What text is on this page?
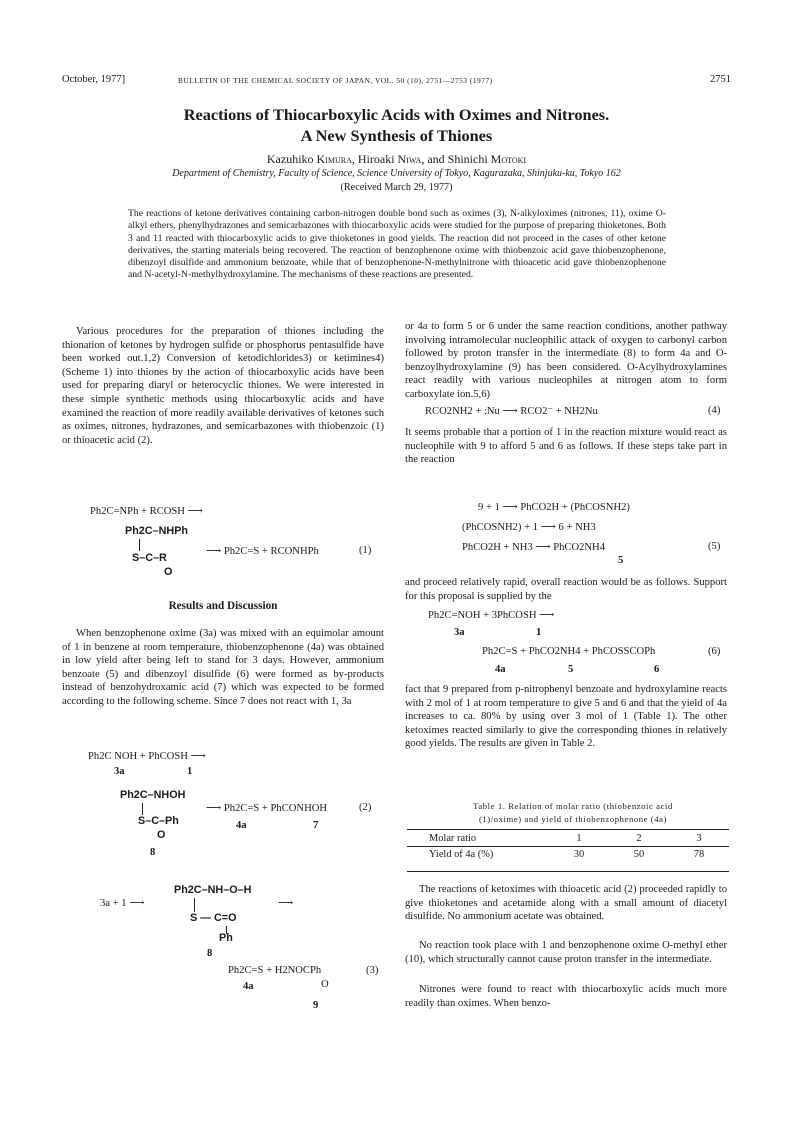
October, 1977]	BULLETIN OF THE CHEMICAL SOCIETY OF JAPAN, VOL. 50 (10), 2751—2753 (1977)	2751
Reactions of Thiocarboxylic Acids with Oximes and Nitrones.
A New Synthesis of Thiones
Kazuhiko Kimura, Hiroaki Niwa, and Shinichi Motoki
Department of Chemistry, Faculty of Science, Science University of Tokyo, Kagurazaka, Shinjuku-ku, Tokyo 162
(Received March 29, 1977)
The reactions of ketone derivatives containing carbon-nitrogen double bond such as oximes (3), N-alkyloximes (nitrones, 11), oxime O-alkyl ethers, phenylhydrazones and semicarbazones with thiocarboxylic acids were studied for the purpose of preparing thioketones. Both 3 and 11 reacted with thiocarboxylic acids to give thioketones in good yields. The reaction did not proceed in the cases of other ketone derivatives, the starting materials being recovered. The reaction of benzophenone oxime with thiobenzoic acid gave thiobenzophenone, dibenzoyl disulfide and ammonium benzoate, while that of benzophenone-N-methylnitrone with thioacetic acid gave thiobenzophenone and N-acetyl-N-methylhydroxylamine. The mechanisms of these reactions are presented.
Various procedures for the preparation of thiones including the thionation of ketones by hydrogen sulfide or phosphorus pentasulfide have been worked out.1,2) Conversion of ketodichlorides3) or ketimines4) (Scheme 1) into thiones by the action of thiocarboxylic acids have been used for preparing diaryl or heterocyclic thiones. We were interested in these simple synthetic methods using thiocarboxylic acids and have examined the reaction of more readily available derivatives of ketones such as oximes, nitrones, hydrazones, and semicarbazones with thiobenzoic (1) or thioacetic acid (2).
Ph2C=NPh + RCOSH ⟶
Ph2C–NHPh
S–C–R
O
⟶ Ph2C=S + RCONHPh	(1)
Results and Discussion
When benzophenone oxime (3a) was mixed with an equimolar amount of 1 in benzene at room temperature, thiobenzophenone (4a) was obtained in low yield after being left to stand for 3 days. However, ammonium benzoate (5) and dibenzoyl disulfide (6) were formed as by-products instead of benzohydroxamic acid (7) which was expected to be formed according to the following scheme. Since 7 does not react with 1, 3a
Ph2C NOH + PhCOSH ⟶
3a	1
Ph2C–NHOH
S–C–Ph
O
8
⟶ Ph2C=S + PhCONHOH	(2)
4a	7
3a + 1 ⟶
Ph2C–NH–O–H
S — C=O
Ph
8
⟶
Ph2C=S + H2NOCPh
O
(3)
4a
9
or 4a to form 5 or 6 under the same reaction conditions, another pathway involving intramolecular nucleophilic attack of oxygen to carbonyl carbon followed by proton transfer in the intermediate (8) to form 4a and O-benzoylhydroxylamine (9) has been considered. O-Acylhydroxylamines react readily with various nucleophiles at nitrogen atom to form carboxylate ion.5,6)
RCO2NH2 + :Nu ⟶ RCO2⁻ + NH2Nu	(4)
It seems probable that a portion of 1 in the reaction mixture would react as nucleophile with 9 to afford 5 and 6 as follows. If these steps take part in the reaction
9 + 1 ⟶ PhCO2H + (PhCOSNH2)
(PhCOSNH2) + 1 ⟶ 6 + NH3
PhCO2H + NH3 ⟶ PhCO2NH4	(5)
5
and proceed relatively rapid, overall reaction would be as follows. Support for this proposal is supplied by the
Ph2C=NOH + 3PhCOSH ⟶
3a	1
Ph2C=S + PhCO2NH4 + PhCOSSCOPh	(6)
4a	5	6
fact that 9 prepared from p-nitrophenyl benzoate and hydroxylamine reacts with 2 mol of 1 at room temperature to give 5 and 6 and that the yield of 4a increases to ca. 80% by using over 3 mol of 1 (Table 1). The other ketoximes reacted similarly to give the corresponding thiones in relatively good yields. The results are given in Table 2.
Table 1. Relation of molar ratio (thiobenzoic acid
(1)/oxime) and yield of thiobenzophenone (4a)
Molar ratio	1	2	3
Yield of 4a (%)	30	50	78
The reactions of ketoximes with thioacetic acid (2) proceeded rapidly to give thioketones and acetamide along with a small amount of diacetyl disulfide. No ammonium acetate was obtained.
No reaction took place with 1 and benzophenone oxime O-methyl ether (10), which structurally cannot cause proton transfer in the intermediate.
Nitrones were found to react with thiocarboxylic acids much more readily than oximes. When benzo-
